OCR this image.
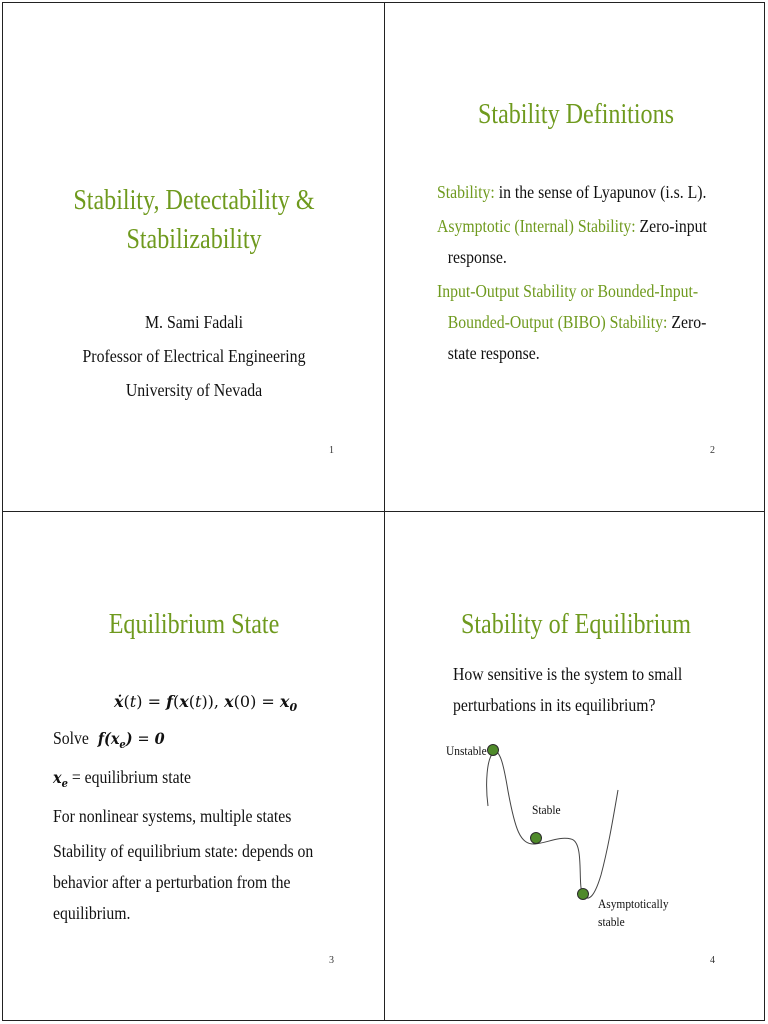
Stability, Detectability &
Stabilizability
M. Sami Fadali
Professor of Electrical Engineering
University of Nevada
1
Stability Definitions
Stability: in the sense of Lyapunov (i.s. L).
Asymptotic (Internal) Stability: Zero-input
response.
Input-Output Stability or Bounded-Input-
Bounded-Output (BIBO) Stability: Zero-
state response.
2
Equilibrium State
ẋ(t) = f(x(t)), $x(0) = x_0$
Solve  $f(x_e) = 0$
$x_e$ = equilibrium state
For nonlinear systems, multiple states
Stability of equilibrium state: depends on
behavior after a perturbation from the
equilibrium.
3
Stability of Equilibrium
How sensitive is the system to small
perturbations in its equilibrium?
Unstable
Stable
Asymptotically
stable
4
